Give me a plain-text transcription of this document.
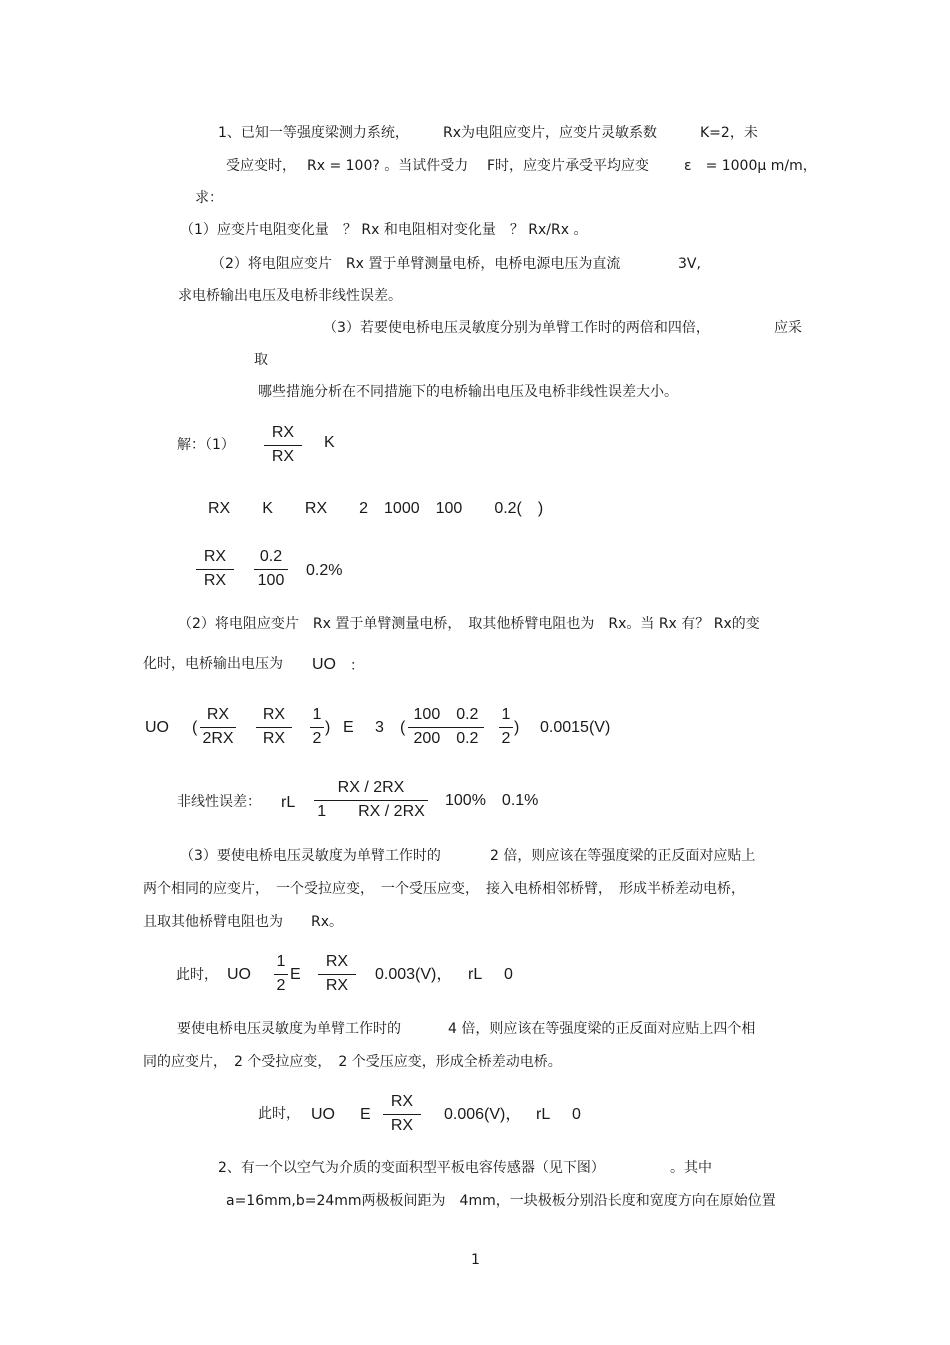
1、已知一等强度梁测力系统， Rx为电阻应变片，应变片灵敏系数	K=2，未
受应变时， Rx = 100? 。当试件受力 F时，应变片承受平均应变 ε　= 1000μ m/m，
求：
（1）应变片电阻变化量　？ Rx 和电阻相对变化量　？ Rx/Rx 。
（2）将电阻应变片　Rx 置于单臂测量电桥，电桥电源电压为直流	3V,
求电桥输出电压及电桥非线性误差。
（3）若要使电桥电压灵敏度分别为单臂工作时的两倍和四倍，	应采
取
哪些措施分析在不同措施下的电桥输出电压及电桥非线性误差大小。
解：（1）
RX
RX
K
RX　　K　　RX　　2　1000　100　　0.2(　)
RX
RX
0.2
100
0.2%
（2）将电阻应变片　Rx 置于单臂测量电桥，　取其他桥臂电阻也为　Rx。当 Rx 有？ Rx的变
化时，电桥输出电压为 UO ：
UO (
RX
2RX
RX
RX
1
2
) E 3 (
100　0.2
200　0.2
1
2
) 0.0015(V)
非线性误差： rL
RX / 2RX
1　　RX / 2RX
100%　0.1%
（3）要使电桥电压灵敏度为单臂工作时的	2 倍，则应该在等强度梁的正反面对应贴上
两个相同的应变片，　一个受拉应变，　一个受压应变，　接入电桥相邻桥臂，　形成半桥差动电桥，
且取其他桥臂电阻也为　　Rx。
此时， UO
1
2
E
RX
RX
0.003(V)， rL 0
要使电桥电压灵敏度为单臂工作时的	4 倍，则应该在等强度梁的正反面对应贴上四个相
同的应变片，　2 个受拉应变，　2 个受压应变，形成全桥差动电桥。
此时， UO E
RX
RX
0.006(V)， rL 0
2、有一个以空气为介质的变面积型平板电容传感器（见下图）	。其中
a=16mm,b=24mm两极板间距为　4mm，一块极板分别沿长度和宽度方向在原始位置
1
